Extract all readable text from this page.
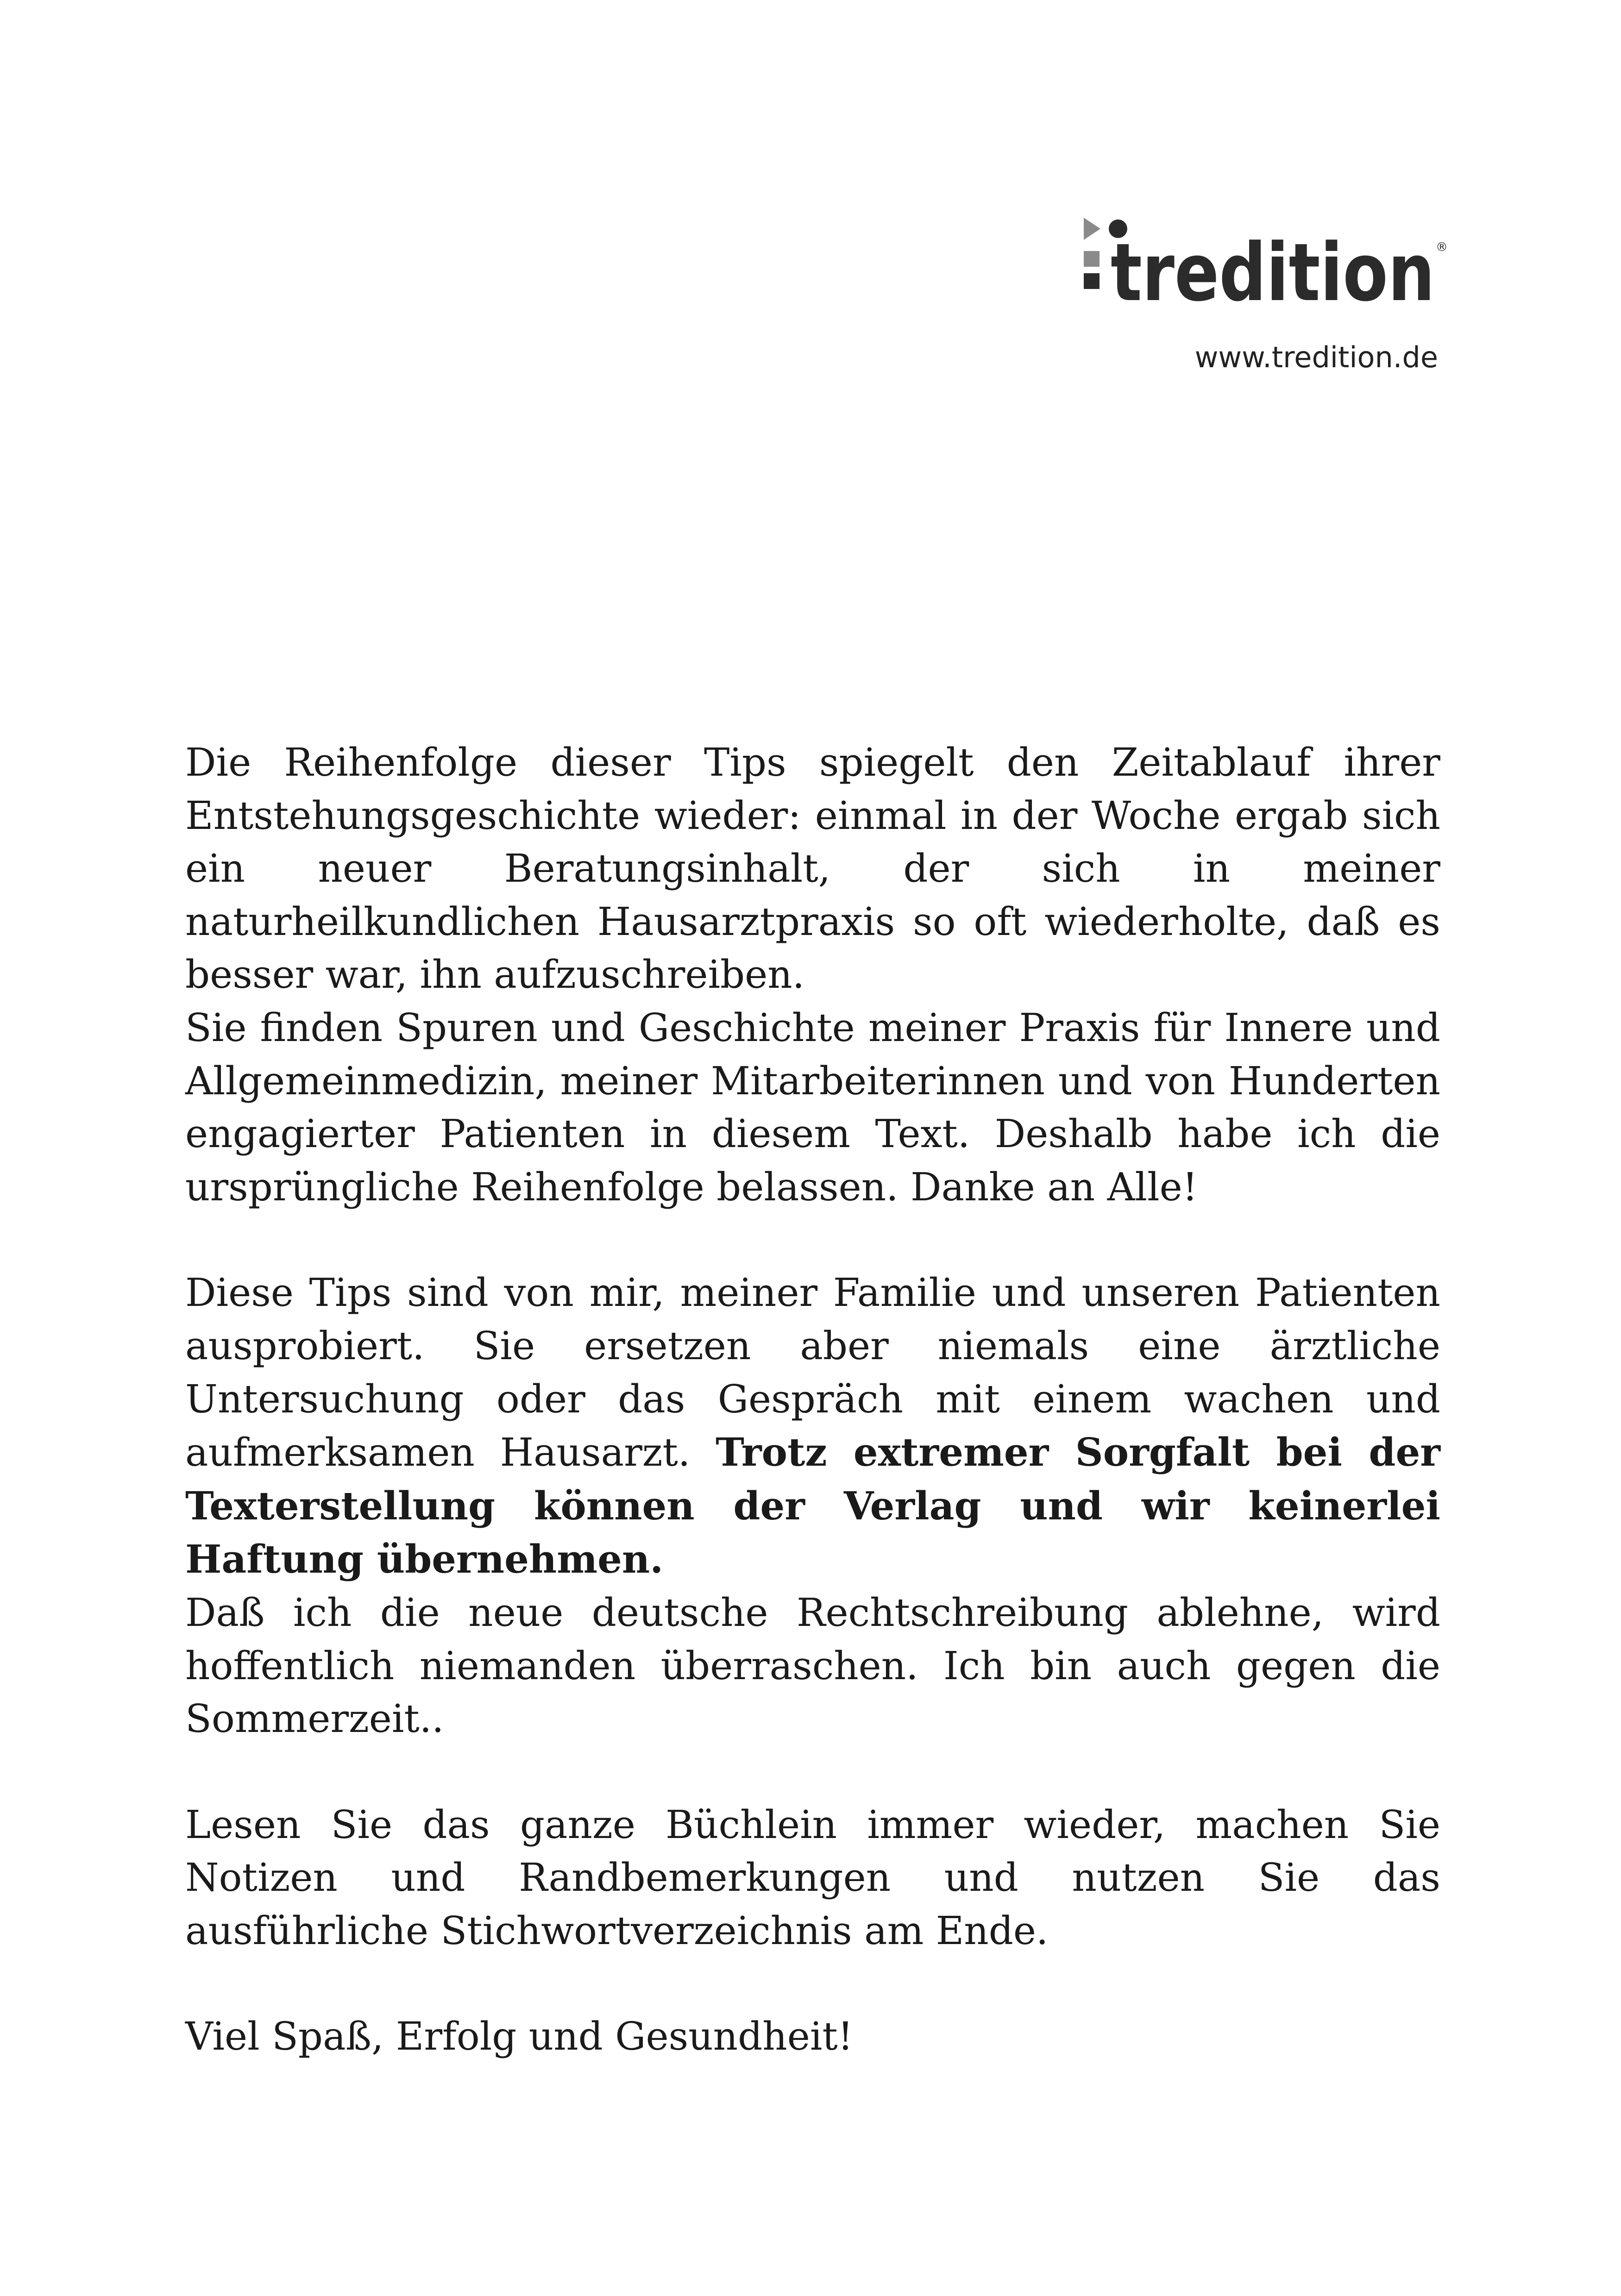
tredition ®
www.tredition.de

Die Reihenfolge dieser Tips spiegelt den Zeitablauf ihrer Entstehungsgeschichte wieder: einmal in der Woche ergab sich ein neuer Beratungsinhalt, der sich in meiner naturheilkundlichen Hausarztpraxis so oft wiederholte, daß es besser war, ihn aufzuschreiben.

Sie finden Spuren und Geschichte meiner Praxis für Innere und Allgemeinmedizin, meiner Mitarbeiterinnen und von Hunderten engagierter Patienten in diesem Text. Deshalb habe ich die ursprüngliche Reihenfolge belassen. Danke an Alle!

Diese Tips sind von mir, meiner Familie und unseren Patienten ausprobiert. Sie ersetzen aber niemals eine ärztliche Untersuchung oder das Gespräch mit einem wachen und aufmerksamen Hausarzt. Trotz extremer Sorgfalt bei der Texterstellung können der Verlag und wir keinerlei Haftung übernehmen.

Daß ich die neue deutsche Rechtschreibung ablehne, wird hoffentlich niemanden überraschen. Ich bin auch gegen die Sommerzeit..

Lesen Sie das ganze Büchlein immer wieder, machen Sie Notizen und Randbemerkungen und nutzen Sie das ausführliche Stichwortverzeichnis am Ende.

Viel Spaß, Erfolg und Gesundheit!
